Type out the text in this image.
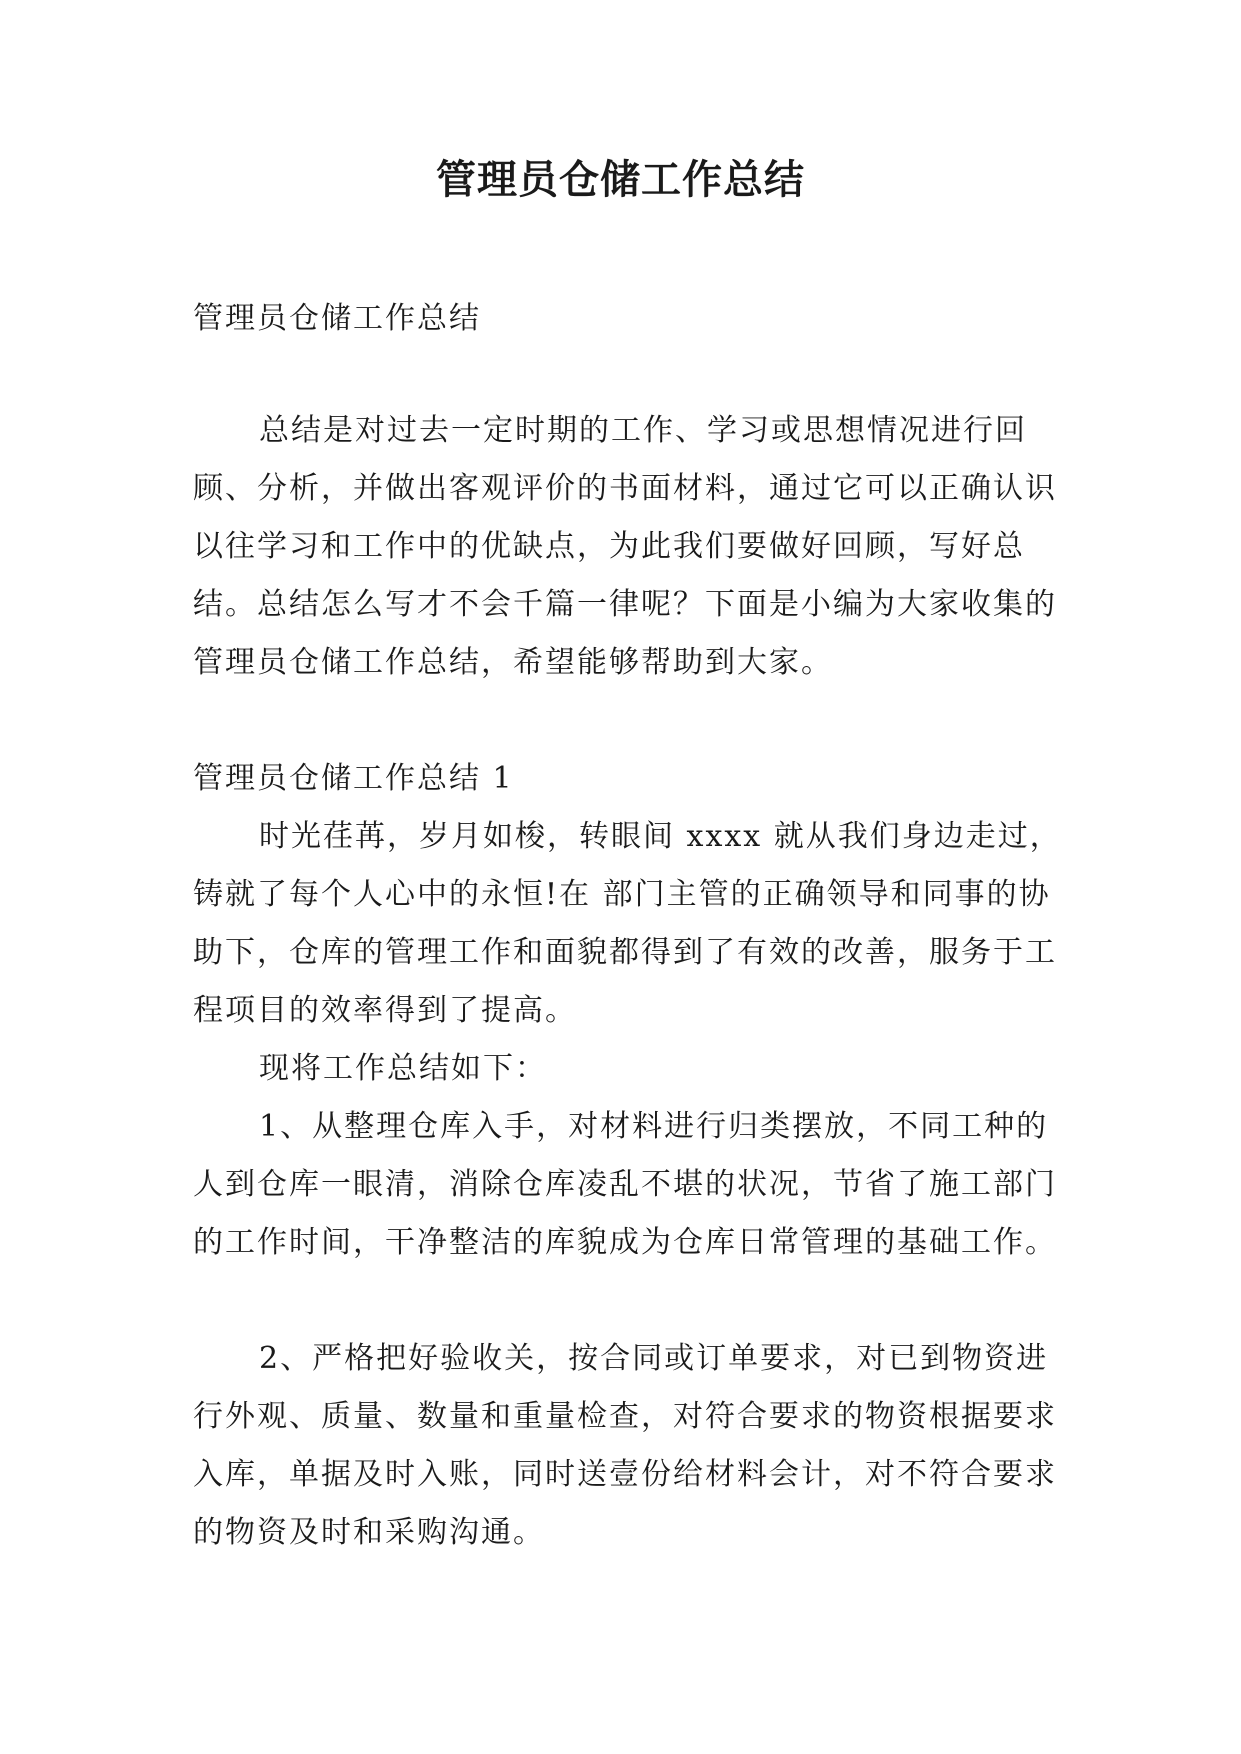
管理员仓储工作总结

管理员仓储工作总结

总结是对过去一定时期的工作、学习或思想情况进行回顾、分析，并做出客观评价的书面材料，通过它可以正确认识以往学习和工作中的优缺点，为此我们要做好回顾，写好总结。总结怎么写才不会千篇一律呢？下面是小编为大家收集的管理员仓储工作总结，希望能够帮助到大家。

管理员仓储工作总结 1

时光荏苒，岁月如梭，转眼间 xxxx 就从我们身边走过，铸就了每个人心中的永恒!在 部门主管的正确领导和同事的协助下，仓库的管理工作和面貌都得到了有效的改善，服务于工程项目的效率得到了提高。

现将工作总结如下：

1、从整理仓库入手，对材料进行归类摆放，不同工种的人到仓库一眼清，消除仓库凌乱不堪的状况，节省了施工部门的工作时间，干净整洁的库貌成为仓库日常管理的基础工作。

2、严格把好验收关，按合同或订单要求，对已到物资进行外观、质量、数量和重量检查，对符合要求的物资根据要求入库，单据及时入账，同时送壹份给材料会计，对不符合要求的物资及时和采购沟通。
